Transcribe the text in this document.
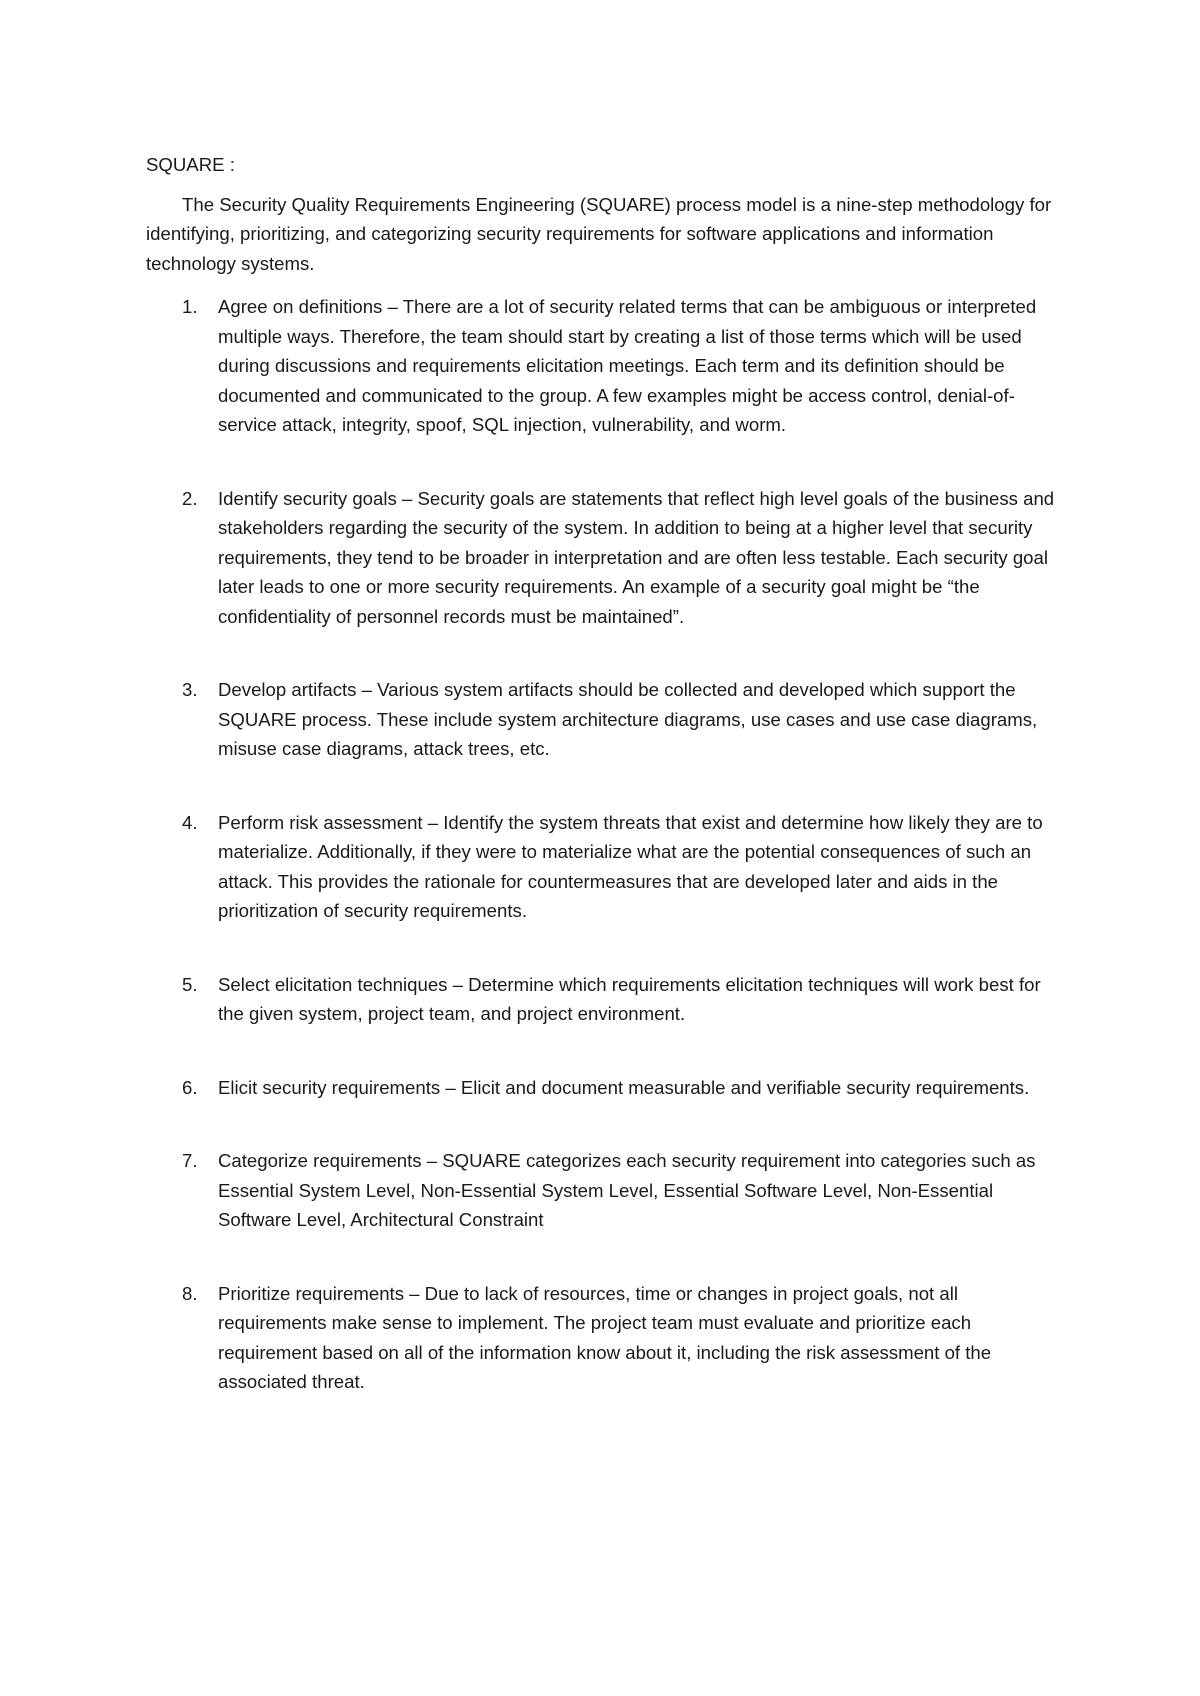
SQUARE :

The Security Quality Requirements Engineering (SQUARE) process model is a nine-step methodology for identifying, prioritizing, and categorizing security requirements for software applications and information technology systems.

1. Agree on definitions – There are a lot of security related terms that can be ambiguous or interpreted multiple ways. Therefore, the team should start by creating a list of those terms which will be used during discussions and requirements elicitation meetings. Each term and its definition should be documented and communicated to the group. A few examples might be access control, denial-of-service attack, integrity, spoof, SQL injection, vulnerability, and worm.
2. Identify security goals – Security goals are statements that reflect high level goals of the business and stakeholders regarding the security of the system. In addition to being at a higher level that security requirements, they tend to be broader in interpretation and are often less testable. Each security goal later leads to one or more security requirements. An example of a security goal might be “the confidentiality of personnel records must be maintained”.
3. Develop artifacts – Various system artifacts should be collected and developed which support the SQUARE process. These include system architecture diagrams, use cases and use case diagrams, misuse case diagrams, attack trees, etc.
4. Perform risk assessment – Identify the system threats that exist and determine how likely they are to materialize. Additionally, if they were to materialize what are the potential consequences of such an attack. This provides the rationale for countermeasures that are developed later and aids in the prioritization of security requirements.
5. Select elicitation techniques – Determine which requirements elicitation techniques will work best for the given system, project team, and project environment.
6. Elicit security requirements – Elicit and document measurable and verifiable security requirements.
7. Categorize requirements – SQUARE categorizes each security requirement into categories such as Essential System Level, Non-Essential System Level, Essential Software Level, Non-Essential Software Level, Architectural Constraint
8. Prioritize requirements – Due to lack of resources, time or changes in project goals, not all requirements make sense to implement. The project team must evaluate and prioritize each requirement based on all of the information know about it, including the risk assessment of the associated threat.
